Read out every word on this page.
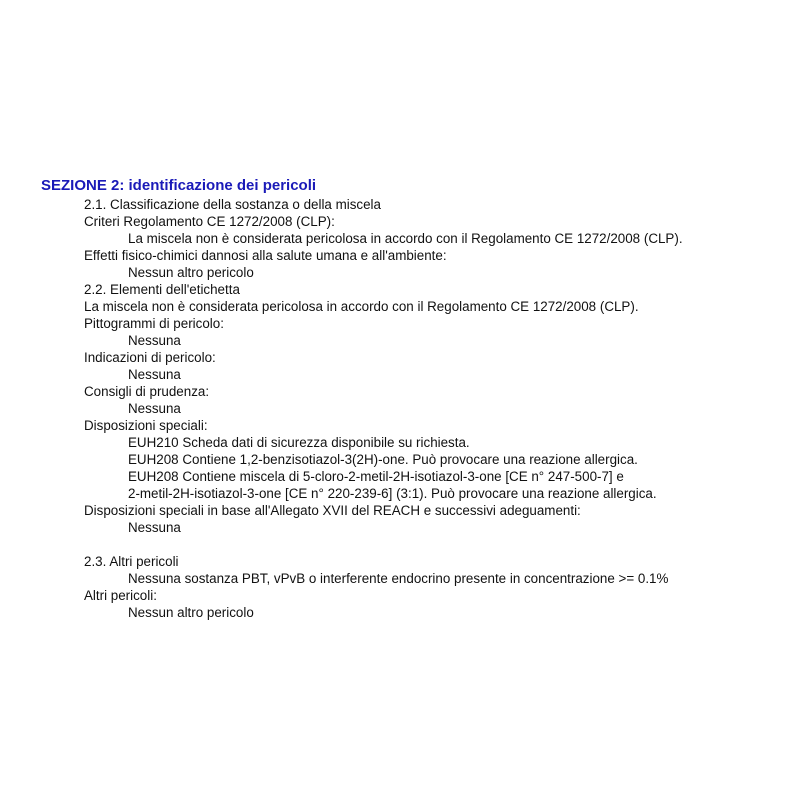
SEZIONE 2: identificazione dei pericoli
2.1. Classificazione della sostanza o della miscela
Criteri Regolamento CE 1272/2008 (CLP):
La miscela non è considerata pericolosa in accordo con il Regolamento CE 1272/2008 (CLP).
Effetti fisico-chimici dannosi alla salute umana e all'ambiente:
Nessun altro pericolo
2.2. Elementi dell'etichetta
La miscela non è considerata pericolosa in accordo con il Regolamento CE 1272/2008 (CLP).
Pittogrammi di pericolo:
Nessuna
Indicazioni di pericolo:
Nessuna
Consigli di prudenza:
Nessuna
Disposizioni speciali:
EUH210 Scheda dati di sicurezza disponibile su richiesta.
EUH208 Contiene 1,2-benzisotiazol-3(2H)-one. Può provocare una reazione allergica.
EUH208 Contiene miscela di 5-cloro-2-metil-2H-isotiazol-3-one [CE n° 247-500-7] e
2-metil-2H-isotiazol-3-one [CE n° 220-239-6] (3:1). Può provocare una reazione allergica.
Disposizioni speciali in base all'Allegato XVII del REACH e successivi adeguamenti:
Nessuna
2.3. Altri pericoli
Nessuna sostanza PBT, vPvB o interferente endocrino presente in concentrazione >= 0.1%
Altri pericoli:
Nessun altro pericolo
